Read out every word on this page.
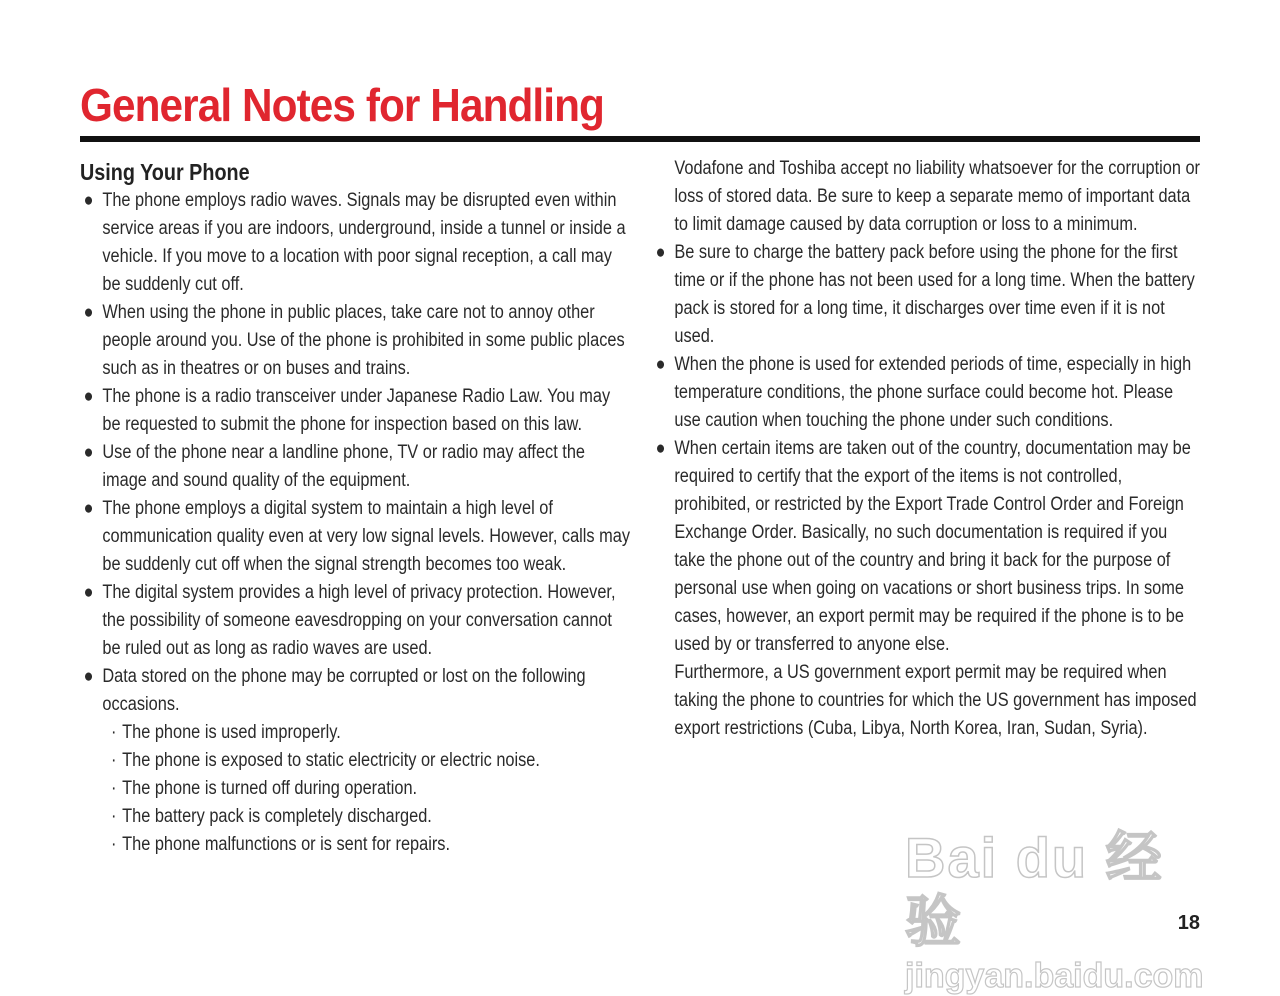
General Notes for Handling
Using Your Phone
● The phone employs radio waves. Signals may be disrupted even within service areas if you are indoors, underground, inside a tunnel or inside a vehicle. If you move to a location with poor signal reception, a call may be suddenly cut off.
● When using the phone in public places, take care not to annoy other people around you. Use of the phone is prohibited in some public places such as in theatres or on buses and trains.
● The phone is a radio transceiver under Japanese Radio Law. You may be requested to submit the phone for inspection based on this law.
● Use of the phone near a landline phone, TV or radio may affect the image and sound quality of the equipment.
● The phone employs a digital system to maintain a high level of communication quality even at very low signal levels. However, calls may be suddenly cut off when the signal strength becomes too weak.
● The digital system provides a high level of privacy protection. However, the possibility of someone eavesdropping on your conversation cannot be ruled out as long as radio waves are used.
● Data stored on the phone may be corrupted or lost on the following occasions.
· The phone is used improperly.
· The phone is exposed to static electricity or electric noise.
· The phone is turned off during operation.
· The battery pack is completely discharged.
· The phone malfunctions or is sent for repairs.
Vodafone and Toshiba accept no liability whatsoever for the corruption or loss of stored data. Be sure to keep a separate memo of important data to limit damage caused by data corruption or loss to a minimum.
● Be sure to charge the battery pack before using the phone for the first time or if the phone has not been used for a long time. When the battery pack is stored for a long time, it discharges over time even if it is not used.
● When the phone is used for extended periods of time, especially in high temperature conditions, the phone surface could become hot. Please use caution when touching the phone under such conditions.
● When certain items are taken out of the country, documentation may be required to certify that the export of the items is not controlled, prohibited, or restricted by the Export Trade Control Order and Foreign Exchange Order. Basically, no such documentation is required if you take the phone out of the country and bring it back for the purpose of personal use when going on vacations or short business trips. In some cases, however, an export permit may be required if the phone is to be used by or transferred to anyone else.
Furthermore, a US government export permit may be required when taking the phone to countries for which the US government has imposed export restrictions (Cuba, Libya, North Korea, Iran, Sudan, Syria).
Bai du 经验
jingyan.baidu.com
18
